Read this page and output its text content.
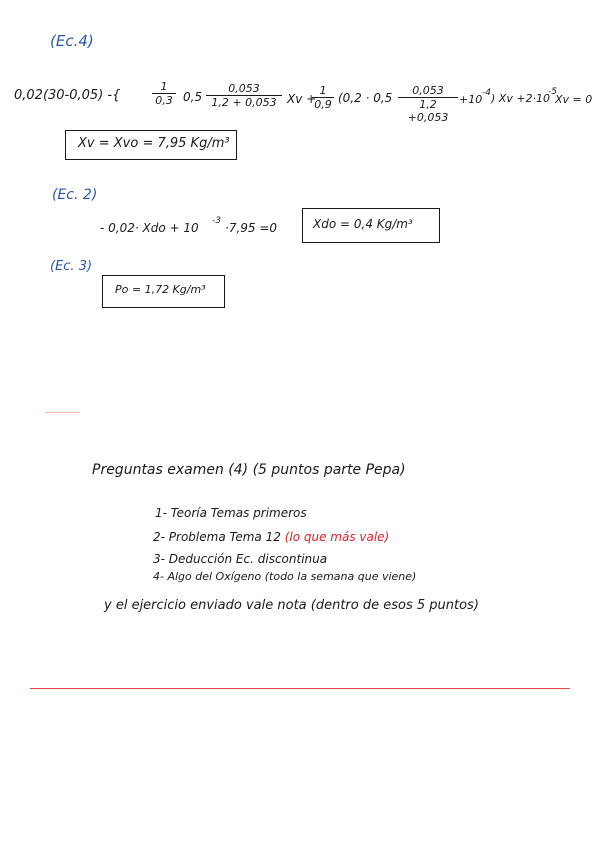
(Ec.4)
0,02(30-0,05) -{	$\frac{1}{0,3} 0,5 \frac{0,053}{1,2 + 0,053}$ Xv +
$\frac{1}{0,9} (0,2 \cdot 0,5 \frac{0,053}{1,2 +0,053} +10$ -4 ) Xv +2·10
-5
Xv = 0
Xv = Xvo = 7,95 Kg/m³
(Ec. 2)
- 0,02· Xdo + 10 -3 ·7,95 =0	Xdo = 0,4 Kg/m³
(Ec. 3)
Po = 1,72 Kg/m³
Preguntas examen (4) (5 puntos parte Pepa)
1- Teoría Temas primeros
2- Problema Tema 12 (lo que más vale)
3- Deducción Ec. discontinua
4- Algo del Oxígeno (todo la semana que viene)
y el ejercicio enviado vale nota (dentro de esos 5 puntos)
